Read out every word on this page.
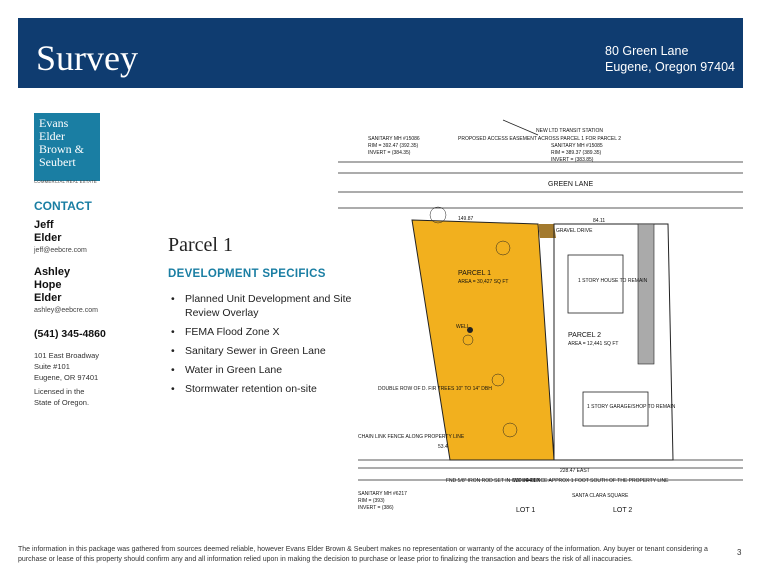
Survey	80 Green Lane
Eugene, Oregon 97404
Evans
Elder
Brown &
Seubert
COMMERCIAL REAL ESTATE
CONTACT
Jeff
Elder
jeff@eebcre.com
Ashley
Hope
Elder
ashley@eebcre.com
(541) 345-4860
101 East Broadway
Suite #101
Eugene, OR 97401
Licensed in the
State of Oregon.
Parcel 1
DEVELOPMENT SPECIFICS
• Planned Unit Development and Site Review Overlay
• FEMA Flood Zone X
• Sanitary Sewer in Green Lane
• Water in Green Lane
• Stormwater retention on-site
NEW LTD TRANSIT STATION
PROPOSED ACCESS EASEMENT ACROSS PARCEL 1 FOR PARCEL 2
SANITARY MH #15086
RIM = 392.47 (392.35)
INVERT = (384.35)
SANITARY MH #15085
RIM = 389.37 (389.35)
INVERT = (383.85)
149.87	84.11
GRAVEL DRIVE
WELL
1 STORY HOUSE TO REMAIN
1 STORY GARAGE/SHOP TO REMAIN
DOUBLE ROW OF D. FIR TREES 10" TO 14" DBH
CHAIN LINK FENCE ALONG PROPERTY LINE
53.4
228.47 EAST
FND 5/8" IRON ROD SET IN CSF #44887
WOOD FENCE APPROX 1 FOOT SOUTH OF THE PROPERTY LINE
SANITARY MH #6217
RIM = (393)
INVERT = (386)
SANTA CLARA SQUARE
GREEN LANE
PARCEL 1
AREA = 30,427 SQ FT
PARCEL 2
AREA = 12,441 SQ FT
LOT 1	LOT 2
The information in this package was gathered from sources deemed reliable, however Evans Elder Brown & Seubert makes no representation or warranty of the accuracy of the information. Any buyer or tenant considering a purchase or lease of this property should confirm any and all information relied upon in making the decision to purchase or lease prior to finalizing the transaction and bears the risk of all inaccuracies.
3
